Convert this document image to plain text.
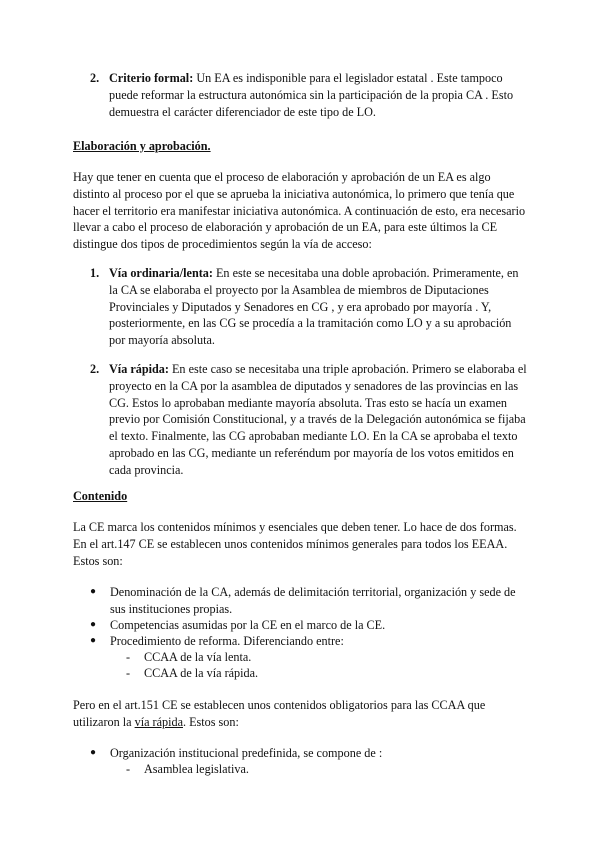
2. Criterio formal: Un EA es indisponible para el legislador estatal . Este tampoco puede reformar la estructura autonómica sin la participación de la propia CA . Esto demuestra el carácter diferenciador de este tipo de LO.

Elaboración y aprobación.

Hay que tener en cuenta que el proceso de elaboración y aprobación de un EA es algo distinto al proceso por el que se aprueba la iniciativa autonómica, lo primero que tenía que hacer el territorio era manifestar iniciativa autonómica. A continuación de esto, era necesario llevar a cabo el proceso de elaboración y aprobación de un EA, para este últimos la CE distingue dos tipos de procedimientos según la vía de acceso:

1. Vía ordinaria/lenta: En este se necesitaba una doble aprobación. Primeramente, en la CA se elaboraba el proyecto por la Asamblea de miembros de Diputaciones Provinciales y Diputados y Senadores en CG , y era aprobado por mayoría . Y, posteriormente, en las CG se procedía a la tramitación como LO y a su aprobación por mayoría absoluta.

2. Vía rápida: En este caso se necesitaba una triple aprobación. Primero se elaboraba el proyecto en la CA por la asamblea de diputados y senadores de las provincias en las CG. Estos lo aprobaban mediante mayoría absoluta. Tras esto se hacía un examen previo por Comisión Constitucional, y a través de la Delegación autonómica se fijaba el texto. Finalmente, las CG aprobaban mediante LO. En la CA se aprobaba el texto aprobado en las CG, mediante un referéndum por mayoría de los votos emitidos en cada provincia.

Contenido

La CE marca los contenidos mínimos y esenciales que deben tener. Lo hace de dos formas. En el art.147 CE se establecen unos contenidos mínimos generales para todos los EEAA. Estos son:

● Denominación de la CA, además de delimitación territorial, organización y sede de sus instituciones propias.

● Competencias asumidas por la CE en el marco de la CE.

● Procedimiento de reforma. Diferenciando entre:

- CCAA de la vía lenta.

- CCAA de la vía rápida.

Pero en el art.151 CE se establecen unos contenidos obligatorios para las CCAA que utilizaron la vía rápida. Estos son:

● Organización institucional predefinida, se compone de :

- Asamblea legislativa.
